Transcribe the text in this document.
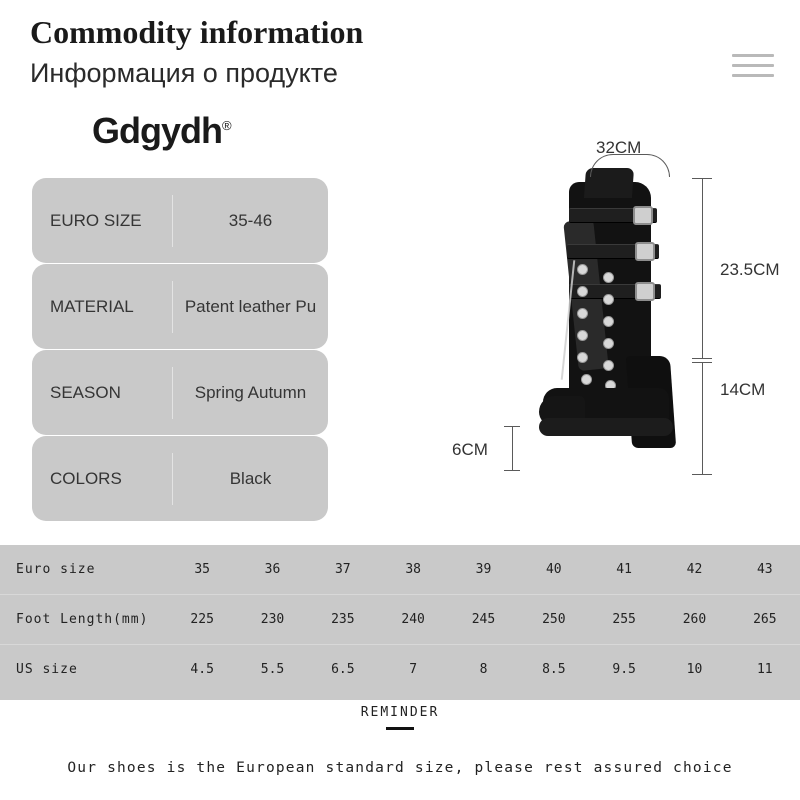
Commodity information
Информация о продукте
Gdgydh®
EURO SIZE	35-46
MATERIAL	Patent leather Pu
SEASON	Spring Autumn
COLORS	Black
32CM
23.5CM
14CM
6CM
Euro size	35	36	37	38	39	40	41	42	43
Foot Length(mm)	225	230	235	240	245	250	255	260	265
US size	4.5	5.5	6.5	7	8	8.5	9.5	10	11
REMINDER
Our shoes is the European standard size, please rest assured choice
